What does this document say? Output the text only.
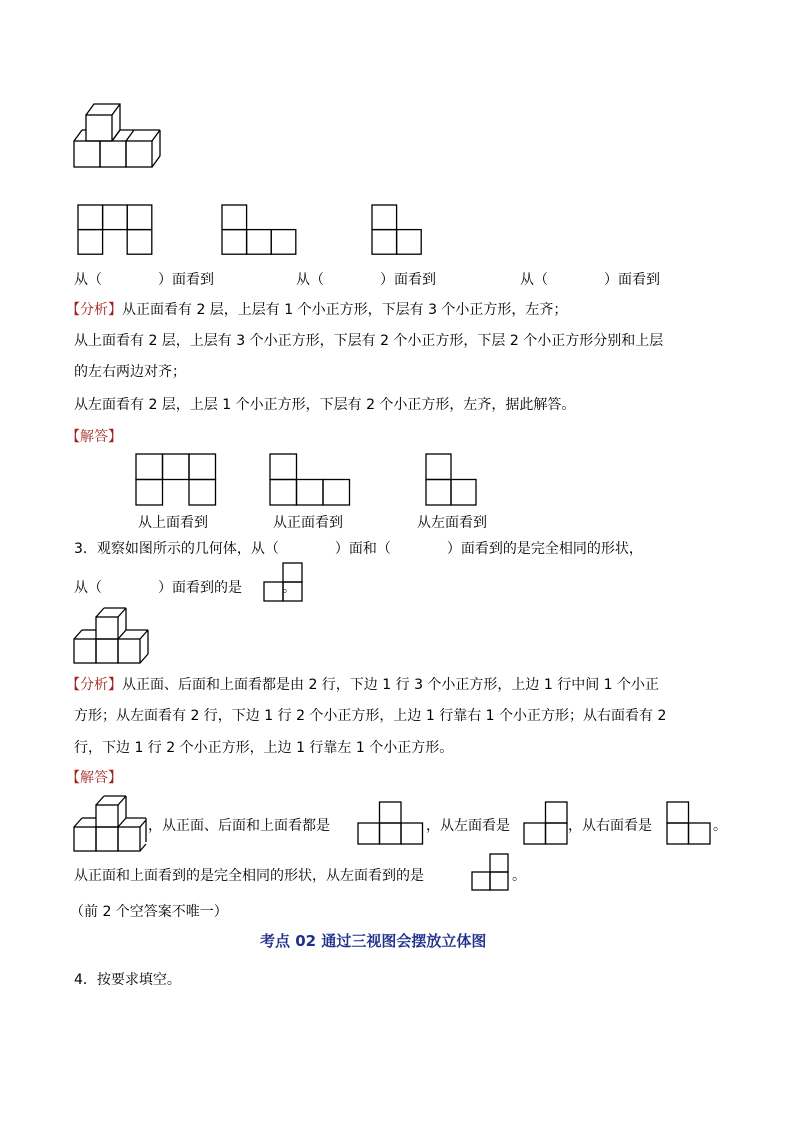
从（　　　　）面看到	从（　　　　）面看到	从（　　　　）面看到
【分析】从正面看有 2 层，上层有 1 个小正方形，下层有 3 个小正方形，左齐；
从上面看有 2 层，上层有 3 个小正方形，下层有 2 个小正方形，下层 2 个小正方形分别和上层
的左右两边对齐；
从左面看有 2 层，上层 1 个小正方形，下层有 2 个小正方形，左齐，据此解答。
【解答】
从上面看到	从正面看到	从左面看到
3．观察如图所示的几何体，从（　　　　）面和（　　　　）面看到的是完全相同的形状，
从（　　　　）面看到的是	。
【分析】从正面、后面和上面看都是由 2 行，下边 1 行 3 个小正方形，上边 1 行中间 1 个小正
方形；从左面看有 2 行，下边 1 行 2 个小正方形，上边 1 行靠右 1 个小正方形；从右面看有 2
行，下边 1 行 2 个小正方形，上边 1 行靠左 1 个小正方形。
【解答】
，从正面、后面和上面看都是	，从左面看是	，从右面看是	。
从正面和上面看到的是完全相同的形状，从左面看到的是	。
（前 2 个空答案不唯一）
考点 02 通过三视图会摆放立体图
4．按要求填空。
